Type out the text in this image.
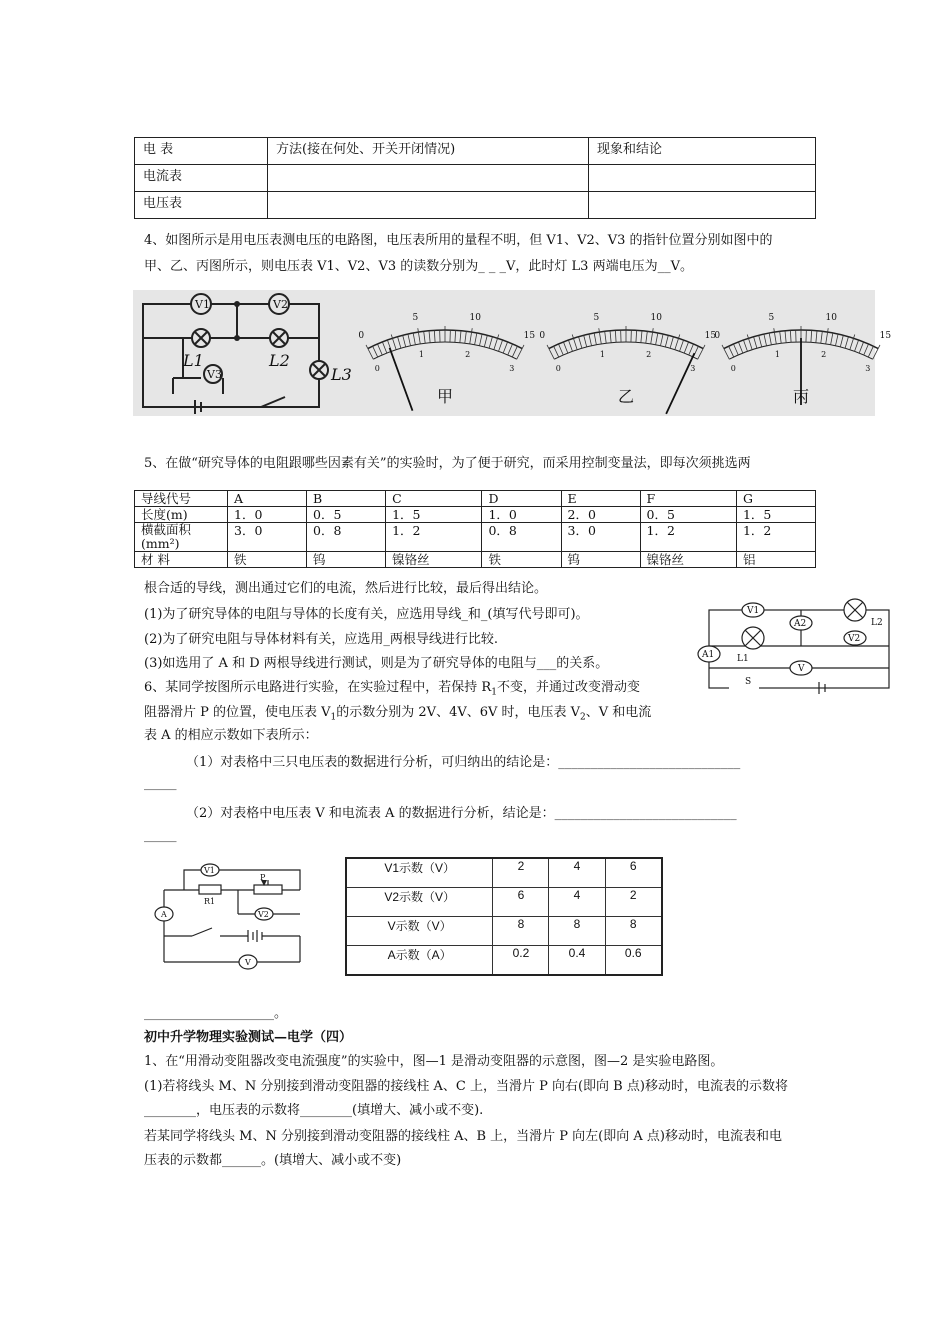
电 表	方法(接在何处、开关开闭情况)	现象和结论
电流表		
电压表		
4、如图所示是用电压表测电压的电路图，电压表所用的量程不明，但 V1、V2、V3 的指针位置分别如图中的
甲、乙、丙图所示，则电压表 V1、V2、V3 的读数分别为_ _ _V，此时灯 L3 两端电压为__V。
V1	V2
V3
L1	L2
L3
0
5	10
15
0
1	2
3
甲
0
5	10
15
0
1	2
3
乙
0
5	10
15
0
1	2
3
丙
5、在做“研究导体的电阻跟哪些因素有关”的实验时，为了便于研究，而采用控制变量法，即每次须挑选两
导线代号	A	B	C	D	E	F	G
长度(m)	1．0	0．5	1．5	1．0	2．0	0．5	1．5
横截面积(mm²)	3．0	0．8	1．2	0．8	3．0	1．2	1．2
材 料	铁	钨	镍铬丝	铁	钨	镍铬丝	铝
根合适的导线，测出通过它们的电流，然后进行比较，最后得出结论。
(1)为了研究导体的电阻与导体的长度有关，应选用导线_和_(填写代号即可)。
(2)为了研究电阻与导体材料有关，应选用_两根导线进行比较.
(3)如选用了 A 和 D 两根导线进行测试，则是为了研究导体的电阻与___的关系。
V1
L2
A2
V2
A1	L1
V
S
6、某同学按图所示电路进行实验，在实验过程中，若保持 $R_1$不变，并通过改变滑动变
阻器滑片 P 的位置，使电压表 $V_1$的示数分别为 2V、4V、6V 时，电压表 $V_2$、V 和电流
表 A 的相应示数如下表所示：
（1）对表格中三只电压表的数据进行分析，可归纳出的结论是：____________________________
_____
（2）对表格中电压表 V 和电流表 A 的数据进行分析，结论是：____________________________
_____
V1
P
R1
A	V2
V
V1示数（V）	2	4	6
V2示数（V）	6	4	2
V示数（V）	8	8	8
A示数（A）	0.2	0.4	0.6
____________________。
初中升学物理实验测试—电学（四）
1、在“用滑动变阻器改变电流强度”的实验中，图—1 是滑动变阻器的示意图，图—2 是实验电路图。
(1)若将线头 M、N 分别接到滑动变阻器的接线柱 A、C 上，当滑片 P 向右(即向 B 点)移动时，电流表的示数将
________，电压表的示数将________(填增大、减小或不变).
若某同学将线头 M、N 分别接到滑动变阻器的接线柱 A、B 上，当滑片 P 向左(即向 A 点)移动时，电流表和电
压表的示数都______。(填增大、减小或不变)
